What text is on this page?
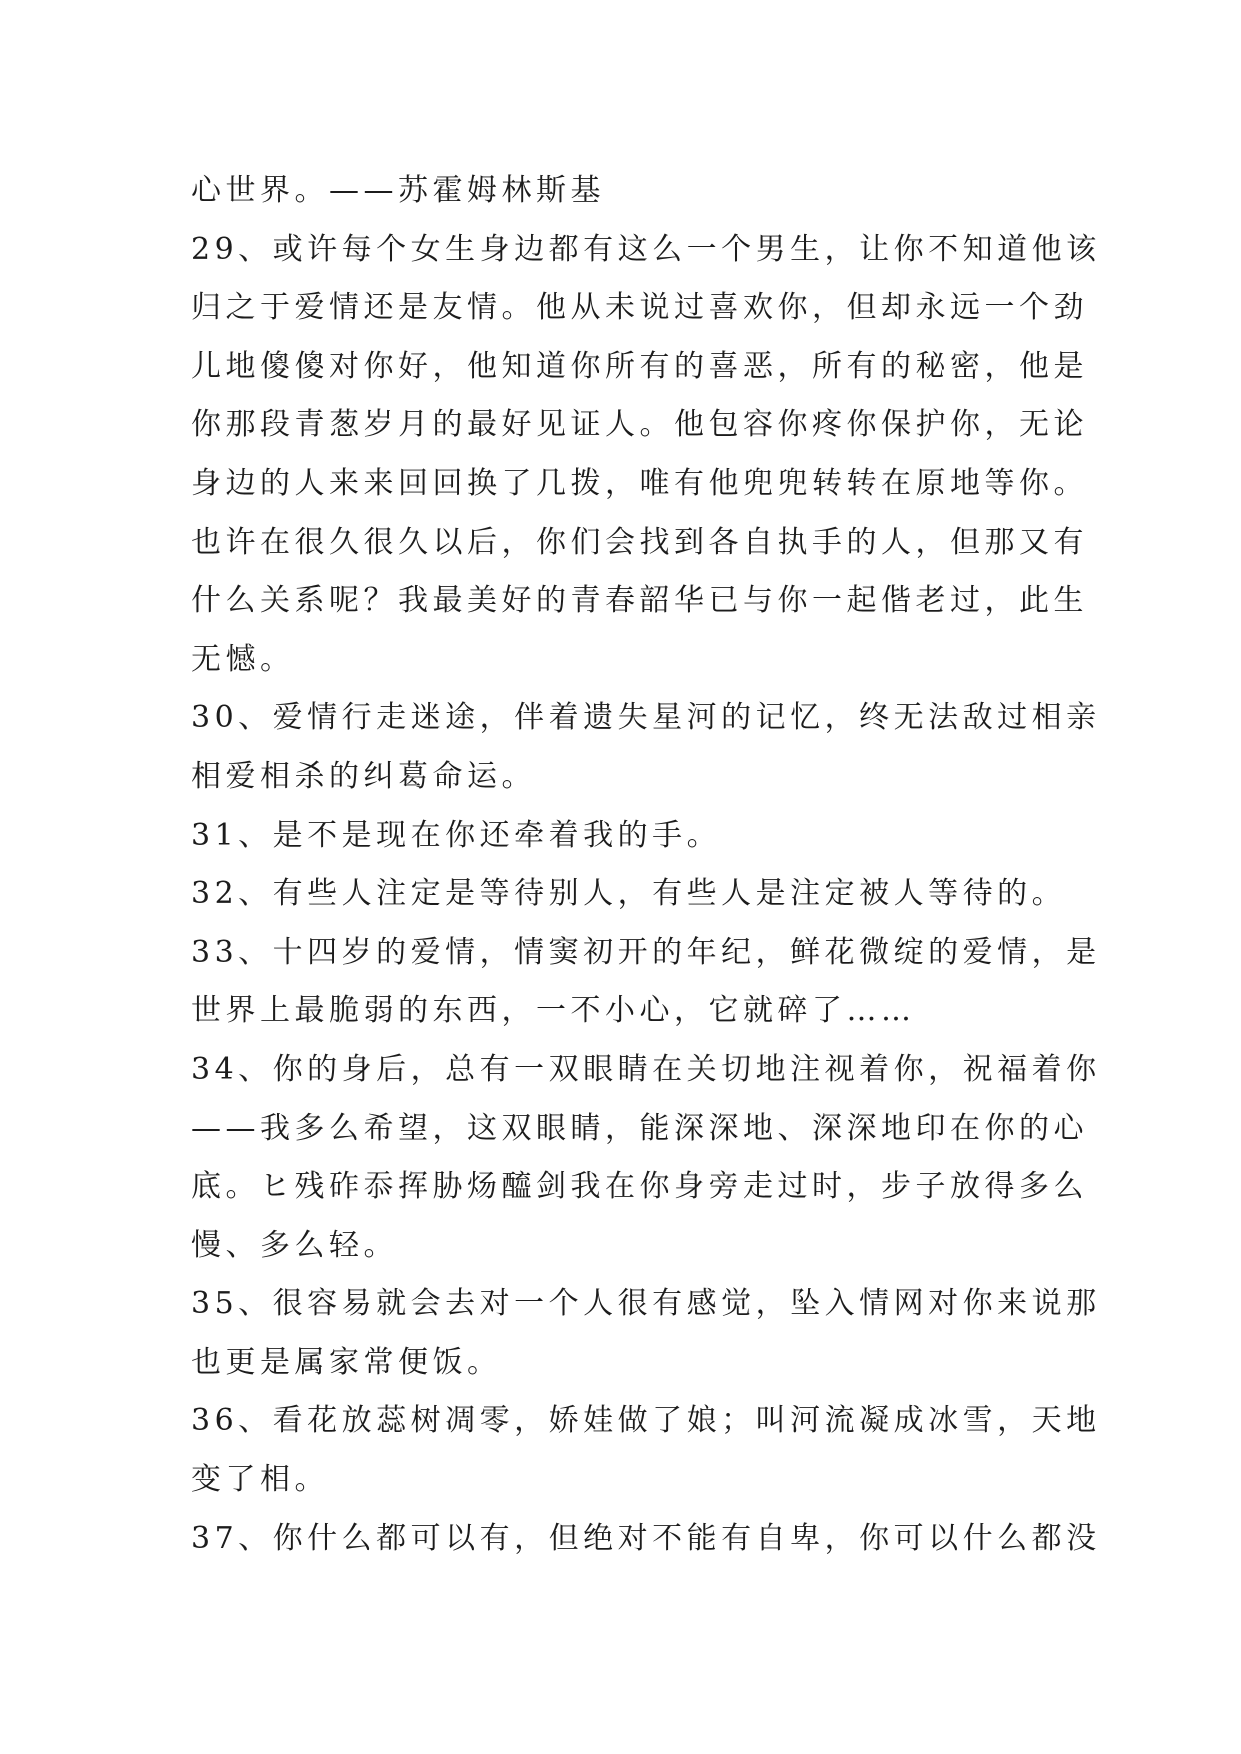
心世界。——苏霍姆林斯基
29、或许每个女生身边都有这么一个男生，让你不知道他该
归之于爱情还是友情。他从未说过喜欢你，但却永远一个劲
儿地傻傻对你好，他知道你所有的喜恶，所有的秘密，他是
你那段青葱岁月的最好见证人。他包容你疼你保护你，无论
身边的人来来回回换了几拨，唯有他兜兜转转在原地等你。
也许在很久很久以后，你们会找到各自执手的人，但那又有
什么关系呢？我最美好的青春韶华已与你一起偕老过，此生
无憾。
30、爱情行走迷途，伴着遗失星河的记忆，终无法敌过相亲
相爱相杀的纠葛命运。
31、是不是现在你还牵着我的手。
32、有些人注定是等待别人，有些人是注定被人等待的。
33、十四岁的爱情，情窦初开的年纪，鲜花微绽的爱情，是
世界上最脆弱的东西，一不小心，它就碎了……
34、你的身后，总有一双眼睛在关切地注视着你，祝福着你
——我多么希望，这双眼睛，能深深地、深深地印在你的心
底。ヒ残砟忝挥胁炀醯剑我在你身旁走过时，步子放得多么
慢、多么轻。
35、很容易就会去对一个人很有感觉，坠入情网对你来说那
也更是属家常便饭。
36、看花放蕊树凋零，娇娃做了娘；叫河流凝成冰雪，天地
变了相。
37、你什么都可以有，但绝对不能有自卑，你可以什么都没
